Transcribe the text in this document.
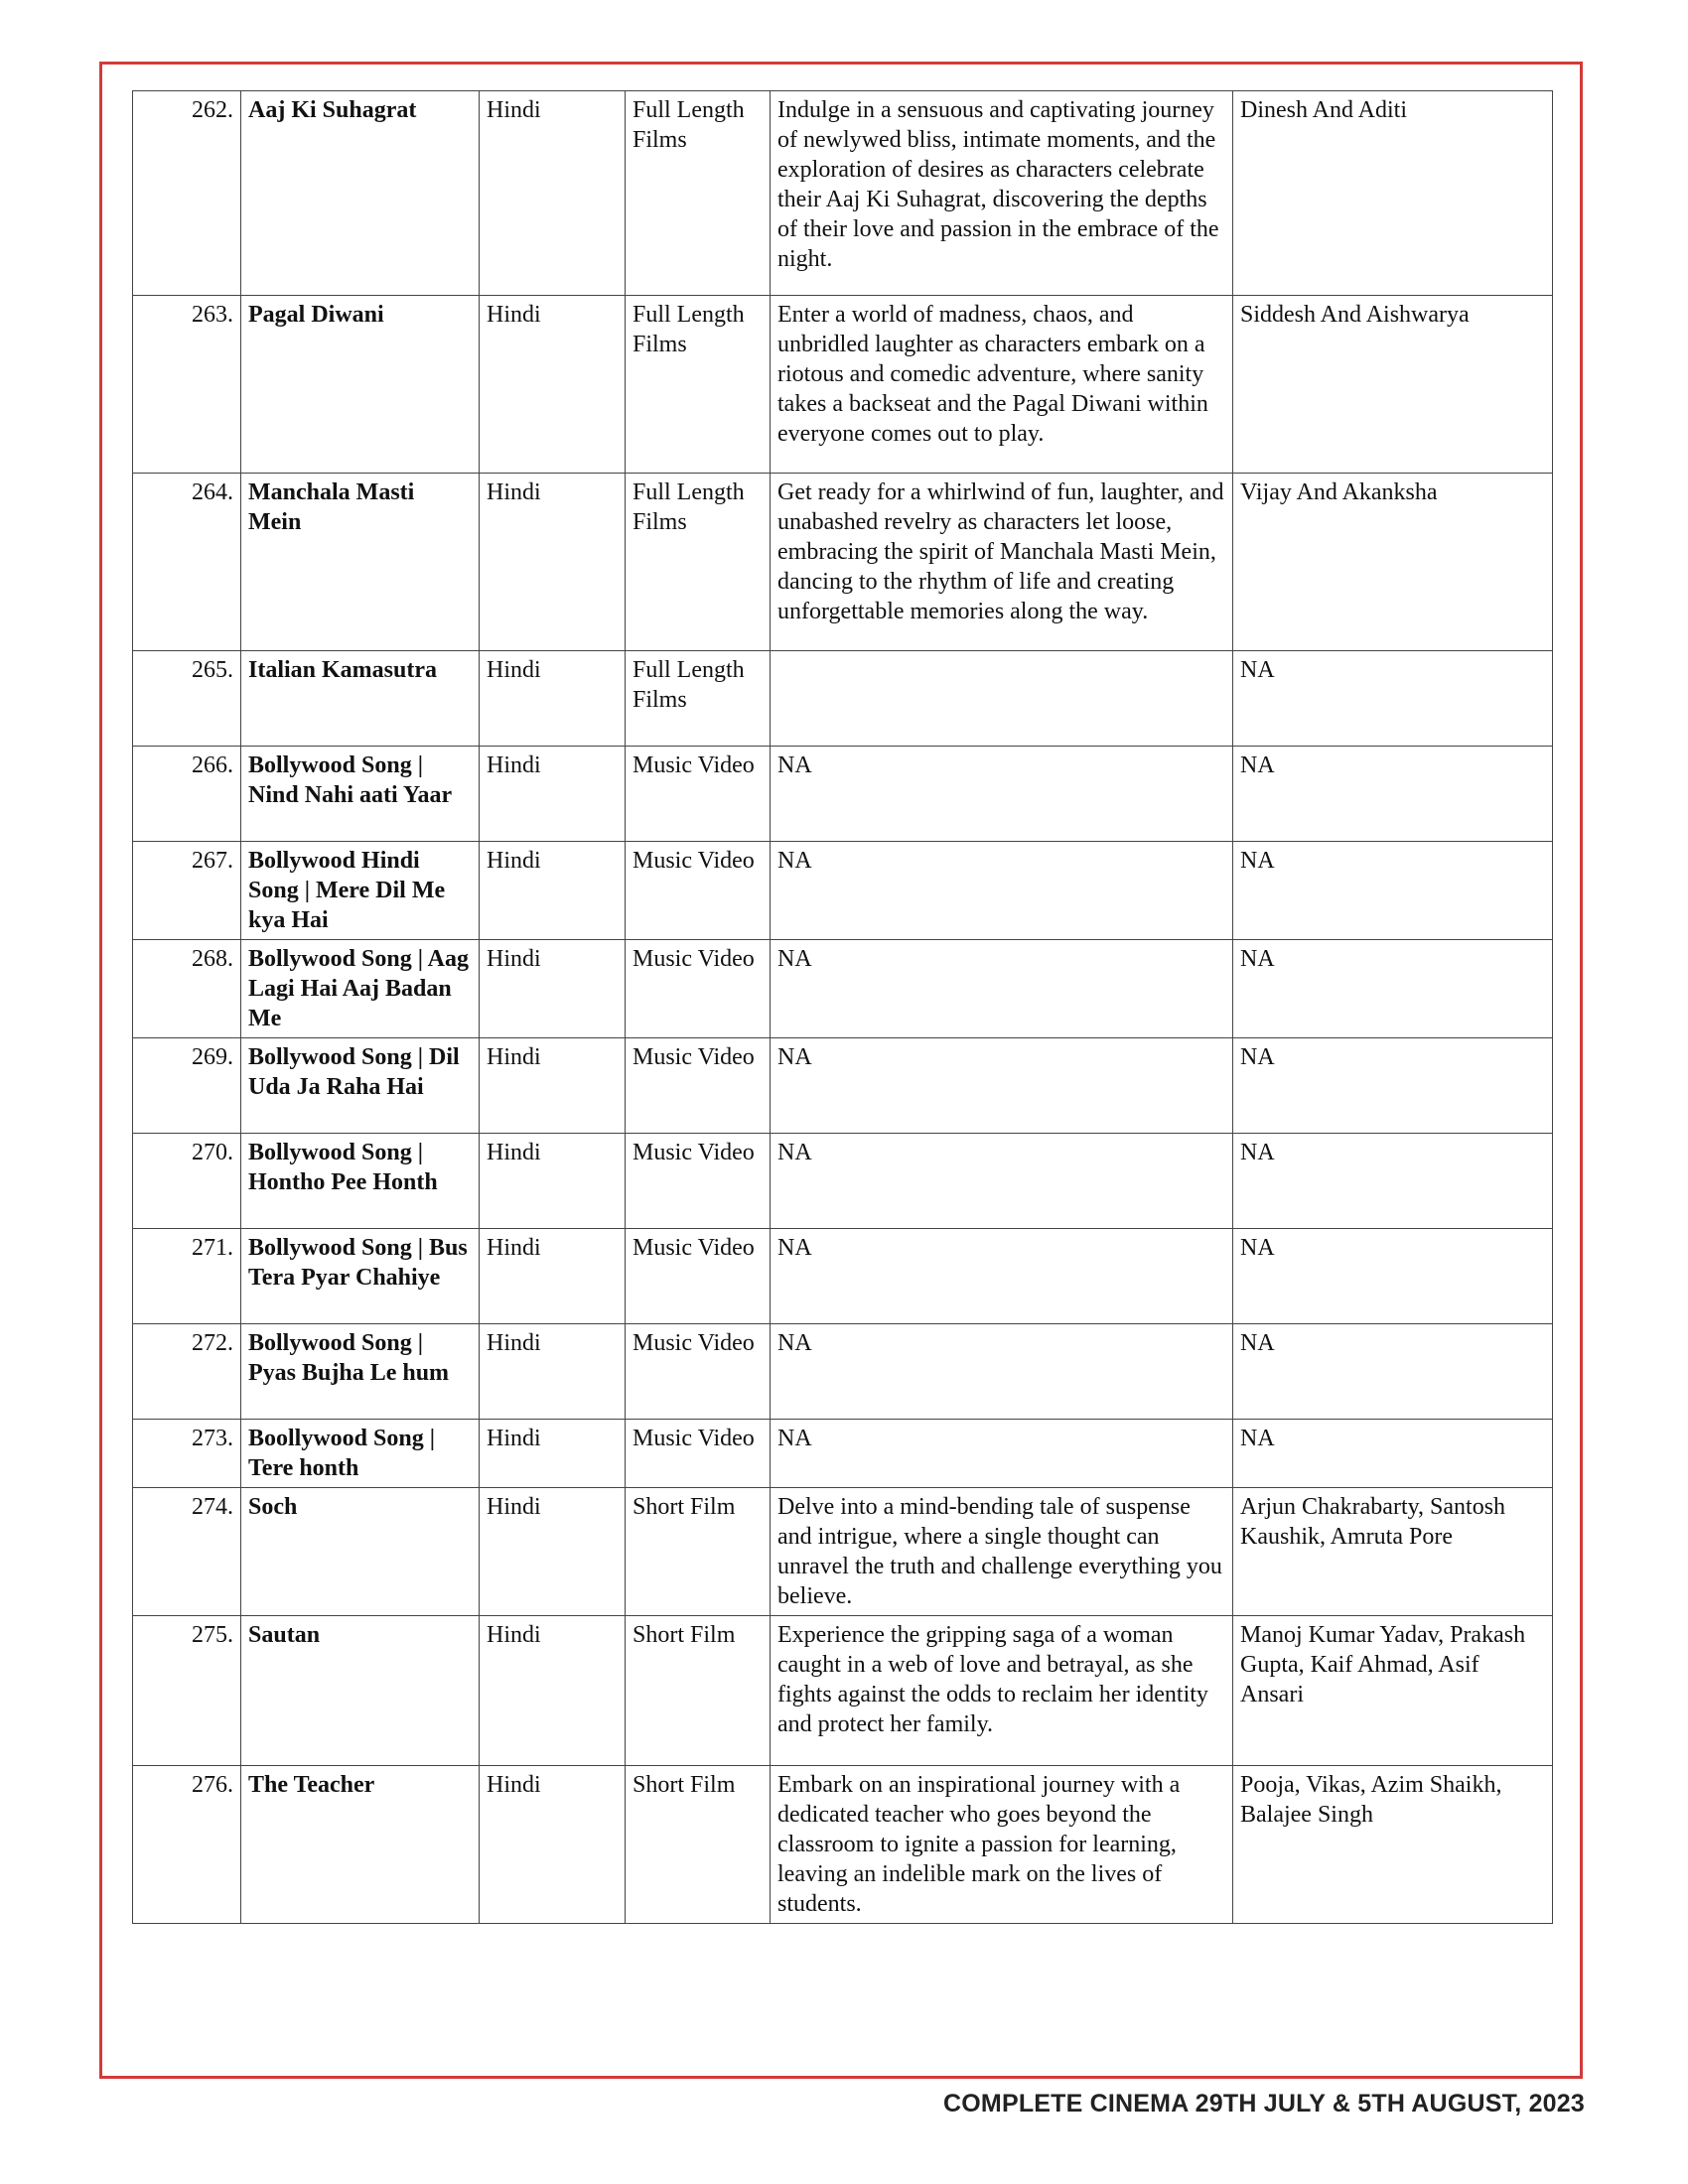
262.	Aaj Ki Suhagrat	Hindi	Full Length Films	Indulge in a sensuous and captivating journey of newlywed bliss, intimate moments, and the exploration of desires as characters celebrate their Aaj Ki Suhagrat, discovering the depths of their love and passion in the embrace of the night.	Dinesh And Aditi
263.	Pagal Diwani	Hindi	Full Length Films	Enter a world of madness, chaos, and unbridled laughter as characters embark on a riotous and comedic adventure, where sanity takes a backseat and the Pagal Diwani within everyone comes out to play.	Siddesh And Aishwarya
264.	Manchala Masti Mein	Hindi	Full Length Films	Get ready for a whirlwind of fun, laughter, and unabashed revelry as characters let loose, embracing the spirit of Manchala Masti Mein, dancing to the rhythm of life and creating unforgettable memories along the way.	Vijay And Akanksha
265.	Italian Kamasutra	Hindi	Full Length Films		NA
266.	Bollywood Song | Nind Nahi aati Yaar	Hindi	Music Video	NA	NA
267.	Bollywood Hindi Song | Mere Dil Me kya Hai	Hindi	Music Video	NA	NA
268.	Bollywood Song | Aag Lagi Hai Aaj Badan Me	Hindi	Music Video	NA	NA
269.	Bollywood Song | Dil Uda Ja Raha Hai	Hindi	Music Video	NA	NA
270.	Bollywood Song | Hontho Pee Honth	Hindi	Music Video	NA	NA
271.	Bollywood Song | Bus Tera Pyar Chahiye	Hindi	Music Video	NA	NA
272.	Bollywood Song | Pyas Bujha Le hum	Hindi	Music Video	NA	NA
273.	Boollywood Song | Tere honth	Hindi	Music Video	NA	NA
274.	Soch	Hindi	Short Film	Delve into a mind-bending tale of suspense and intrigue, where a single thought can unravel the truth and challenge everything you believe.	Arjun Chakrabarty, Santosh Kaushik, Amruta Pore
275.	Sautan	Hindi	Short Film	Experience the gripping saga of a woman caught in a web of love and betrayal, as she fights against the odds to reclaim her identity and protect her family.	Manoj Kumar Yadav, Prakash Gupta, Kaif Ahmad, Asif Ansari
276.	The Teacher	Hindi	Short Film	Embark on an inspirational journey with a dedicated teacher who goes beyond the classroom to ignite a passion for learning, leaving an indelible mark on the lives of students.	Pooja, Vikas, Azim Shaikh, Balajee Singh
COMPLETE CINEMA 29TH JULY & 5TH AUGUST, 2023
